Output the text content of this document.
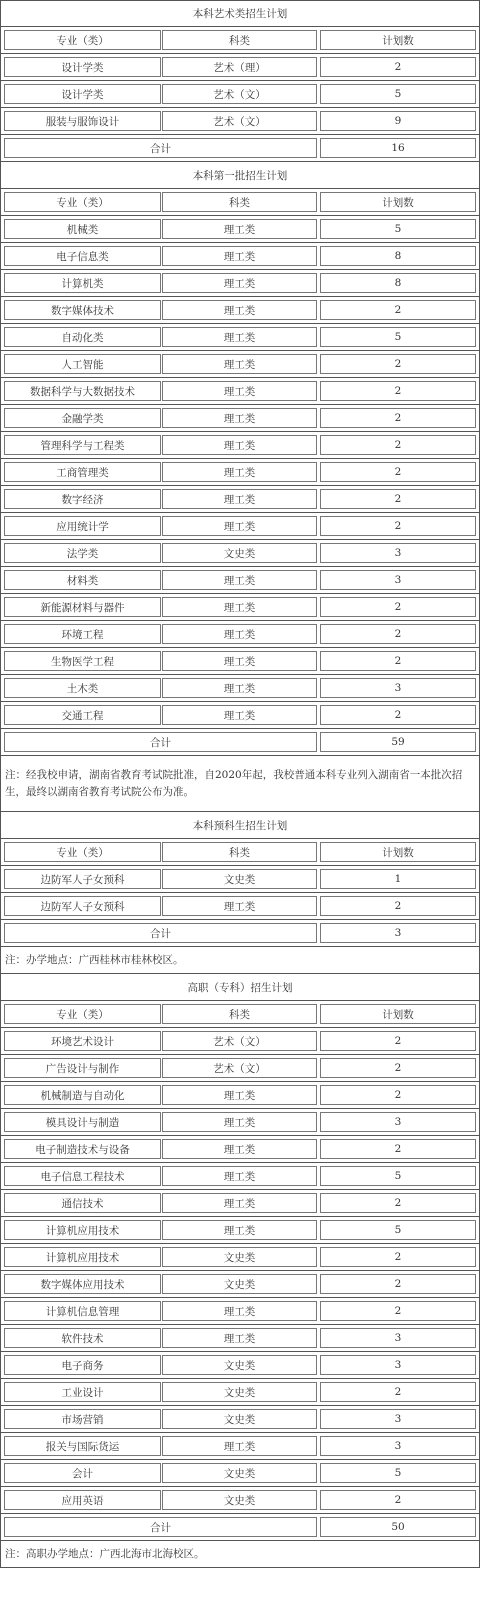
本科艺术类招生计划
专业（类）	科类	计划数
设计学类	艺术（理）	2
设计学类	艺术（文）	5
服装与服饰设计	艺术（文）	9
合计	16
本科第一批招生计划
专业（类）	科类	计划数
机械类	理工类	5
电子信息类	理工类	8
计算机类	理工类	8
数字媒体技术	理工类	2
自动化类	理工类	5
人工智能	理工类	2
数据科学与大数据技术	理工类	2
金融学类	理工类	2
管理科学与工程类	理工类	2
工商管理类	理工类	2
数字经济	理工类	2
应用统计学	理工类	2
法学类	文史类	3
材料类	理工类	3
新能源材料与器件	理工类	2
环境工程	理工类	2
生物医学工程	理工类	2
土木类	理工类	3
交通工程	理工类	2
合计	59
注：经我校申请，湖南省教育考试院批准，自2020年起，我校普通本科专业列入湖南省一本批次招生，最终以湖南省教育考试院公布为准。
本科预科生招生计划
专业（类）	科类	计划数
边防军人子女预科	文史类	1
边防军人子女预科	理工类	2
合计	3
注：办学地点：广西桂林市桂林校区。
高职（专科）招生计划
专业（类）	科类	计划数
环境艺术设计	艺术（文）	2
广告设计与制作	艺术（文）	2
机械制造与自动化	理工类	2
模具设计与制造	理工类	3
电子制造技术与设备	理工类	2
电子信息工程技术	理工类	5
通信技术	理工类	2
计算机应用技术	理工类	5
计算机应用技术	文史类	2
数字媒体应用技术	文史类	2
计算机信息管理	理工类	2
软件技术	理工类	3
电子商务	文史类	3
工业设计	文史类	2
市场营销	文史类	3
报关与国际货运	理工类	3
会计	文史类	5
应用英语	文史类	2
合计	50
注：高职办学地点：广西北海市北海校区。
